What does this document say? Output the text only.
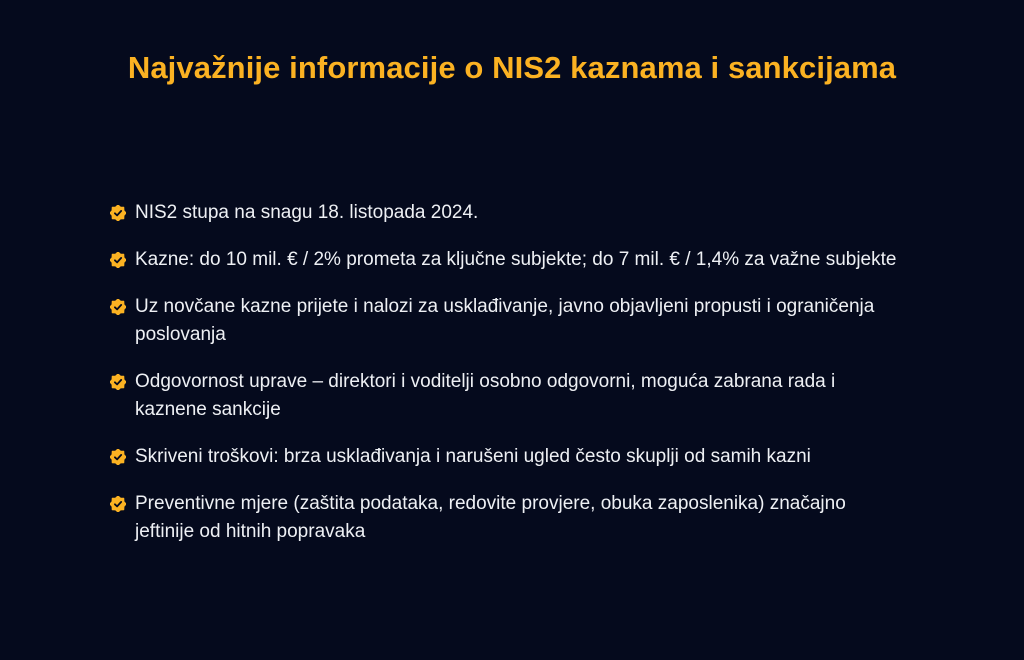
Najvažnije informacije o NIS2 kaznama i sankcijama
NIS2 stupa na snagu 18. listopada 2024.
Kazne: do 10 mil. € / 2% prometa za ključne subjekte; do 7 mil. € / 1,4% za važne subjekte
Uz novčane kazne prijete i nalozi za usklađivanje, javno objavljeni propusti i ograničenja poslovanja
Odgovornost uprave – direktori i voditelji osobno odgovorni, moguća zabrana rada i kaznene sankcije
Skriveni troškovi: brza usklađivanja i narušeni ugled često skuplji od samih kazni
Preventivne mjere (zaštita podataka, redovite provjere, obuka zaposlenika) značajno jeftinije od hitnih popravaka
